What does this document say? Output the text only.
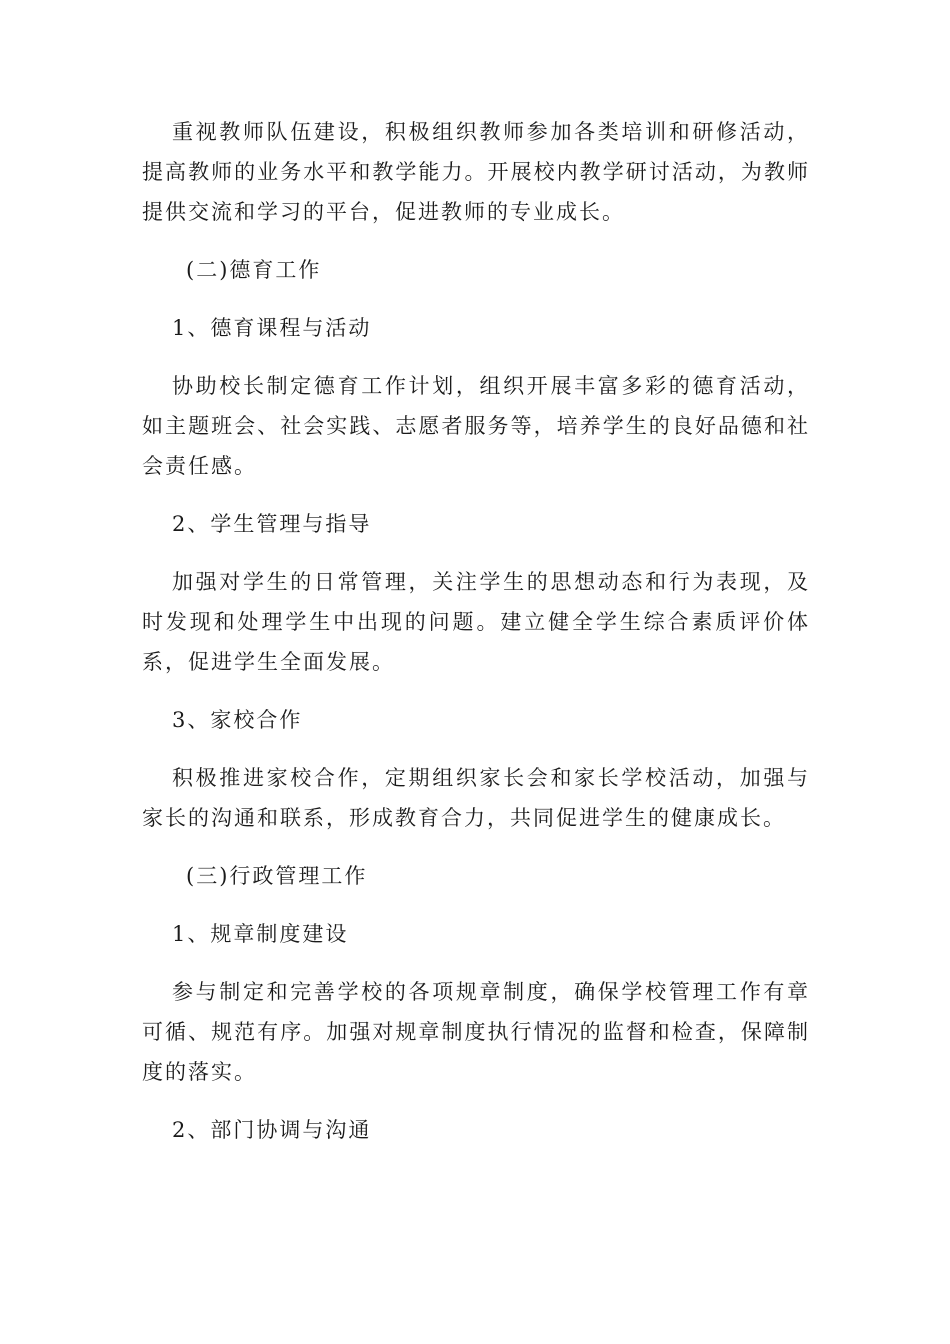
重视教师队伍建设，积极组织教师参加各类培训和研修活动，提高教师的业务水平和教学能力。开展校内教学研讨活动，为教师提供交流和学习的平台，促进教师的专业成长。

(二)德育工作

1、德育课程与活动

协助校长制定德育工作计划，组织开展丰富多彩的德育活动，如主题班会、社会实践、志愿者服务等，培养学生的良好品德和社会责任感。

2、学生管理与指导

加强对学生的日常管理，关注学生的思想动态和行为表现，及时发现和处理学生中出现的问题。建立健全学生综合素质评价体系，促进学生全面发展。

3、家校合作

积极推进家校合作，定期组织家长会和家长学校活动，加强与家长的沟通和联系，形成教育合力，共同促进学生的健康成长。

(三)行政管理工作

1、规章制度建设

参与制定和完善学校的各项规章制度，确保学校管理工作有章可循、规范有序。加强对规章制度执行情况的监督和检查，保障制度的落实。

2、部门协调与沟通
